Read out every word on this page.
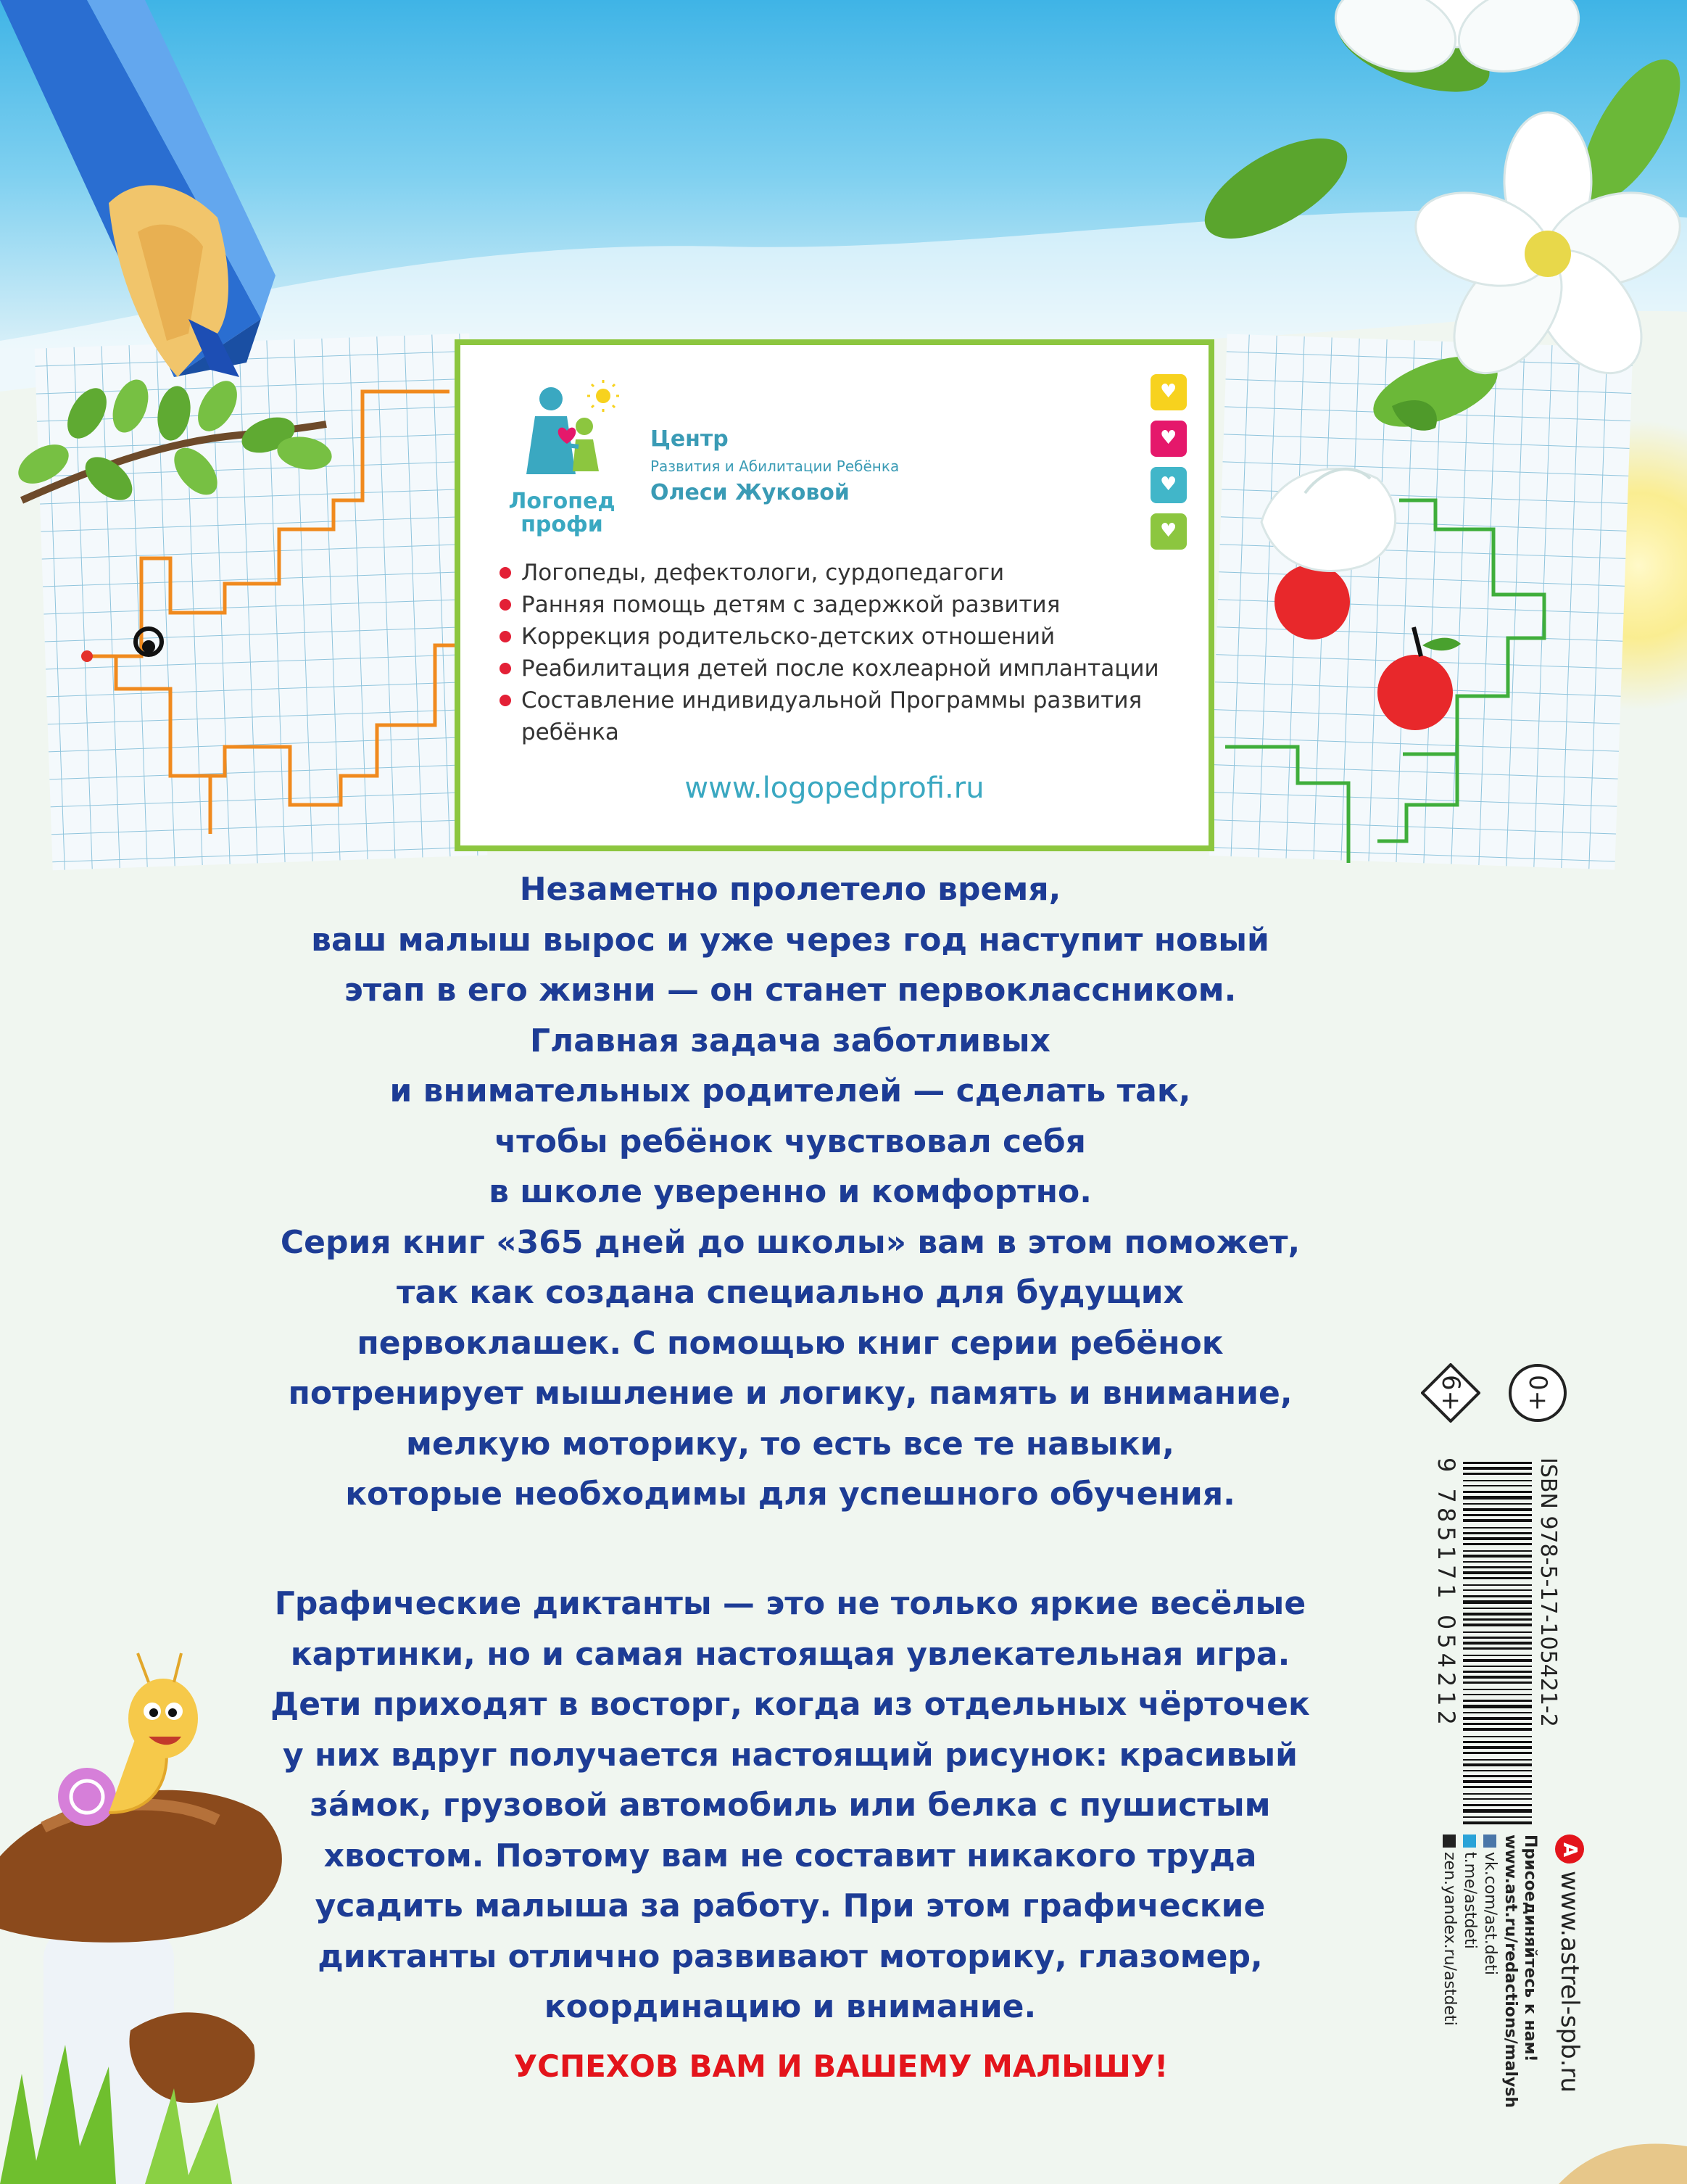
Логопед
профи
Центр
Развития и Абилитации Ребёнка
Олеси Жуковой
♥
♥
♥
♥
Логопеды, дефектологи, сурдопедагоги
Ранняя помощь детям с задержкой развития
Коррекция родительско-детских отношений
Реабилитация детей после кохлеарной имплантации
Составление индивидуальной Программы развития ребёнка
www.logopedprofi.ru

Незаметно пролетело время,
ваш малыш вырос и уже через год наступит новый
этап в его жизни — он станет первоклассником.
Главная задача заботливых
и внимательных родителей — сделать так,
чтобы ребёнок чувствовал себя
в школе уверенно и комфортно.
Серия книг «365 дней до школы» вам в этом поможет,
так как создана специально для будущих
первоклашек. С помощью книг серии ребёнок
потренирует мышление и логику, память и внимание,
мелкую моторику, то есть все те навыки,
которые необходимы для успешного обучения.

Графические диктанты — это не только яркие весёлые
картинки, но и самая настоящая увлекательная игра.
Дети приходят в восторг, когда из отдельных чёрточек
у них вдруг получается настоящий рисунок: красивый
за́мок, грузовой автомобиль или белка с пушистым
хвостом. Поэтому вам не составит никакого труда
усадить малыша за работу. При этом графические
диктанты отлично развивают моторику, глазомер,
координацию и внимание.

УСПЕХОВ ВАМ И ВАШЕМУ МАЛЫШУ!
6+	0+
ISBN 978-5-17-105421-2
9 785171 054212
А
www.astrel-spb.ru
Присоединяйтесь к нам!
www.ast.ru/redactions/malysh
vk.com/ast.deti
t.me/astdeti
zen.yandex.ru/astdeti
